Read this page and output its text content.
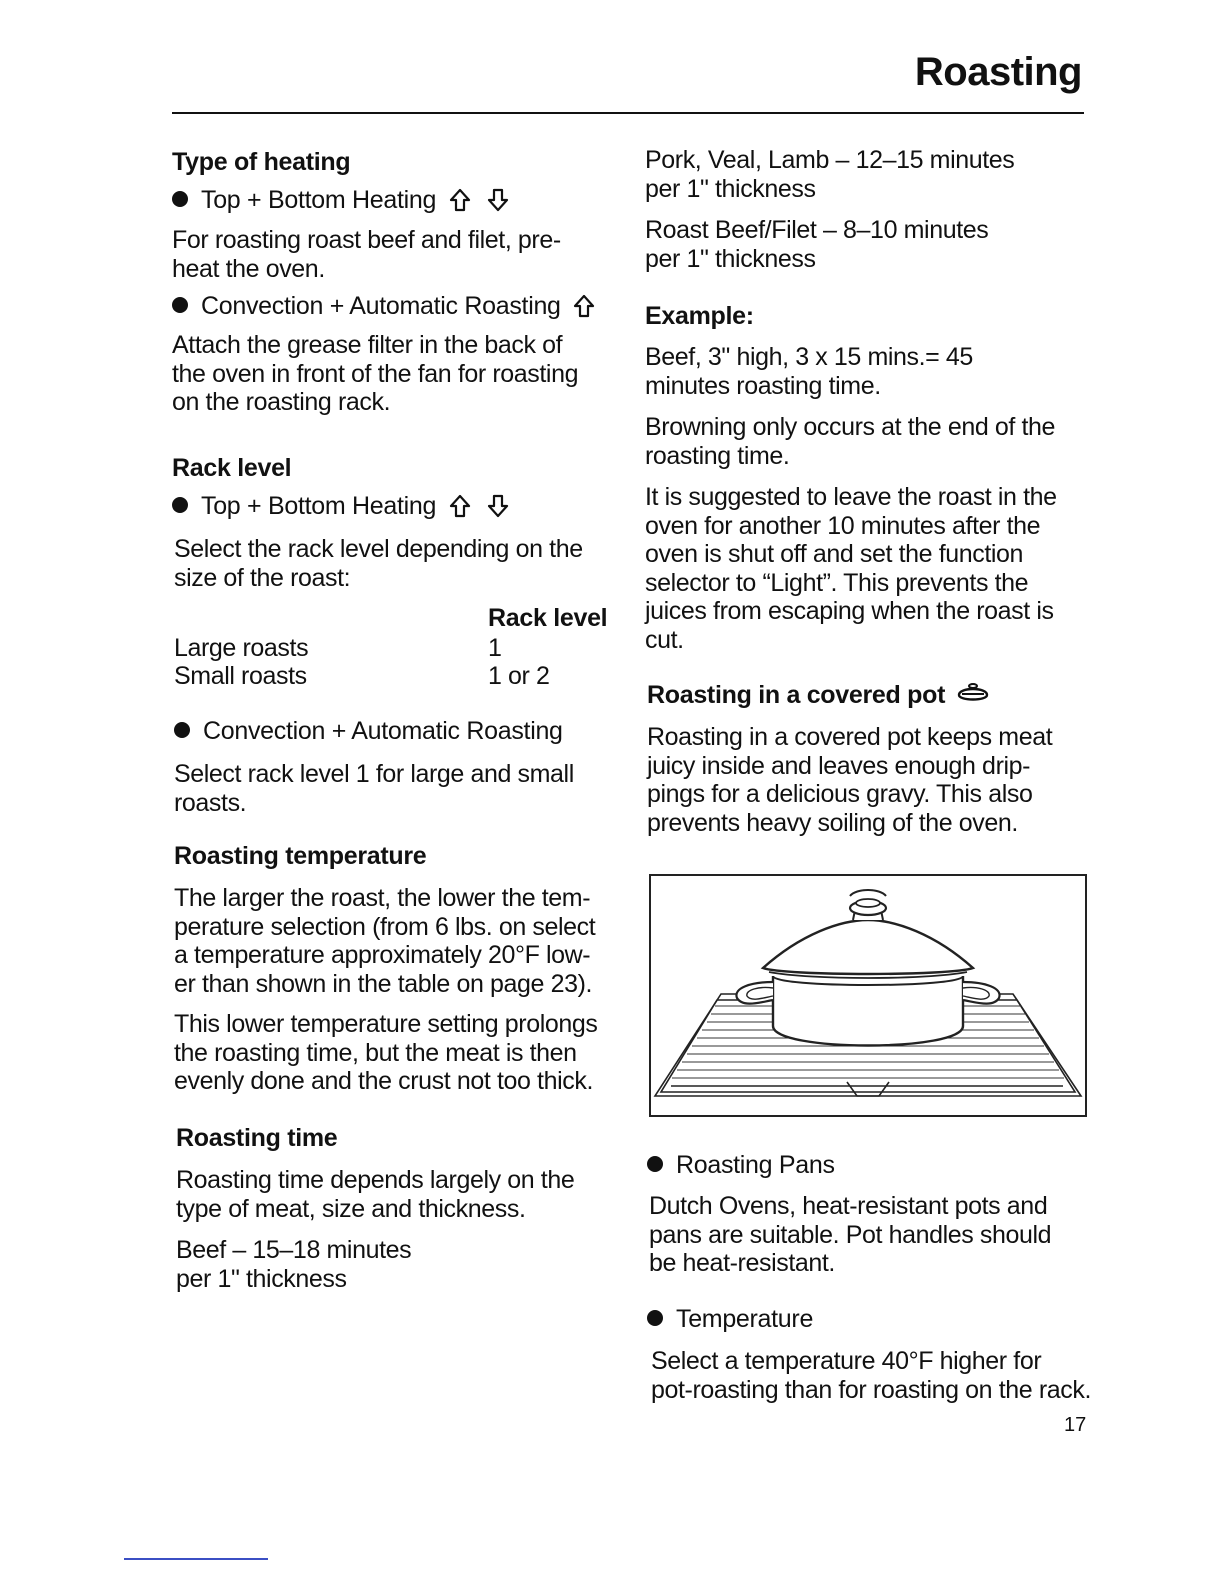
Roasting
Type of heating
Top + Bottom Heating
For roasting roast beef and filet, pre-
heat the oven.
Convection + Automatic Roasting
Attach the grease filter in the back of
the oven in front of the fan for roasting
on the roasting rack.
Rack level
Top + Bottom Heating
Select the rack level depending on the
size of the roast:
Rack level
Large roasts	1
Small roasts	1 or 2
Convection + Automatic Roasting
Select rack level 1 for large and small
roasts.
Roasting temperature
The larger the roast, the lower the tem-
perature selection (from 6 lbs. on select
a temperature approximately 20°F low-
er than shown in the table on page 23).
This lower temperature setting prolongs
the roasting time, but the meat is then
evenly done and the crust not too thick.
Roasting time
Roasting time depends largely on the
type of meat, size and thickness.
Beef – 15–18 minutes
per 1" thickness
Pork, Veal, Lamb – 12–15 minutes
per 1" thickness
Roast Beef/Filet – 8–10 minutes
per 1" thickness
Example:
Beef, 3" high, 3 x 15 mins.= 45
minutes roasting time.
Browning only occurs at the end of the
roasting time.
It is suggested to leave the roast in the
oven for another 10 minutes after the
oven is shut off and set the function
selector to “Light”. This prevents the
juices from escaping when the roast is
cut.
Roasting in a covered pot
Roasting in a covered pot keeps meat
juicy inside and leaves enough drip-
pings for a delicious gravy. This also
prevents heavy soiling of the oven.
Roasting Pans
Dutch Ovens, heat-resistant pots and
pans are suitable. Pot handles should
be heat-resistant.
Temperature
Select a temperature 40°F higher for
pot-roasting than for roasting on the rack.
17
